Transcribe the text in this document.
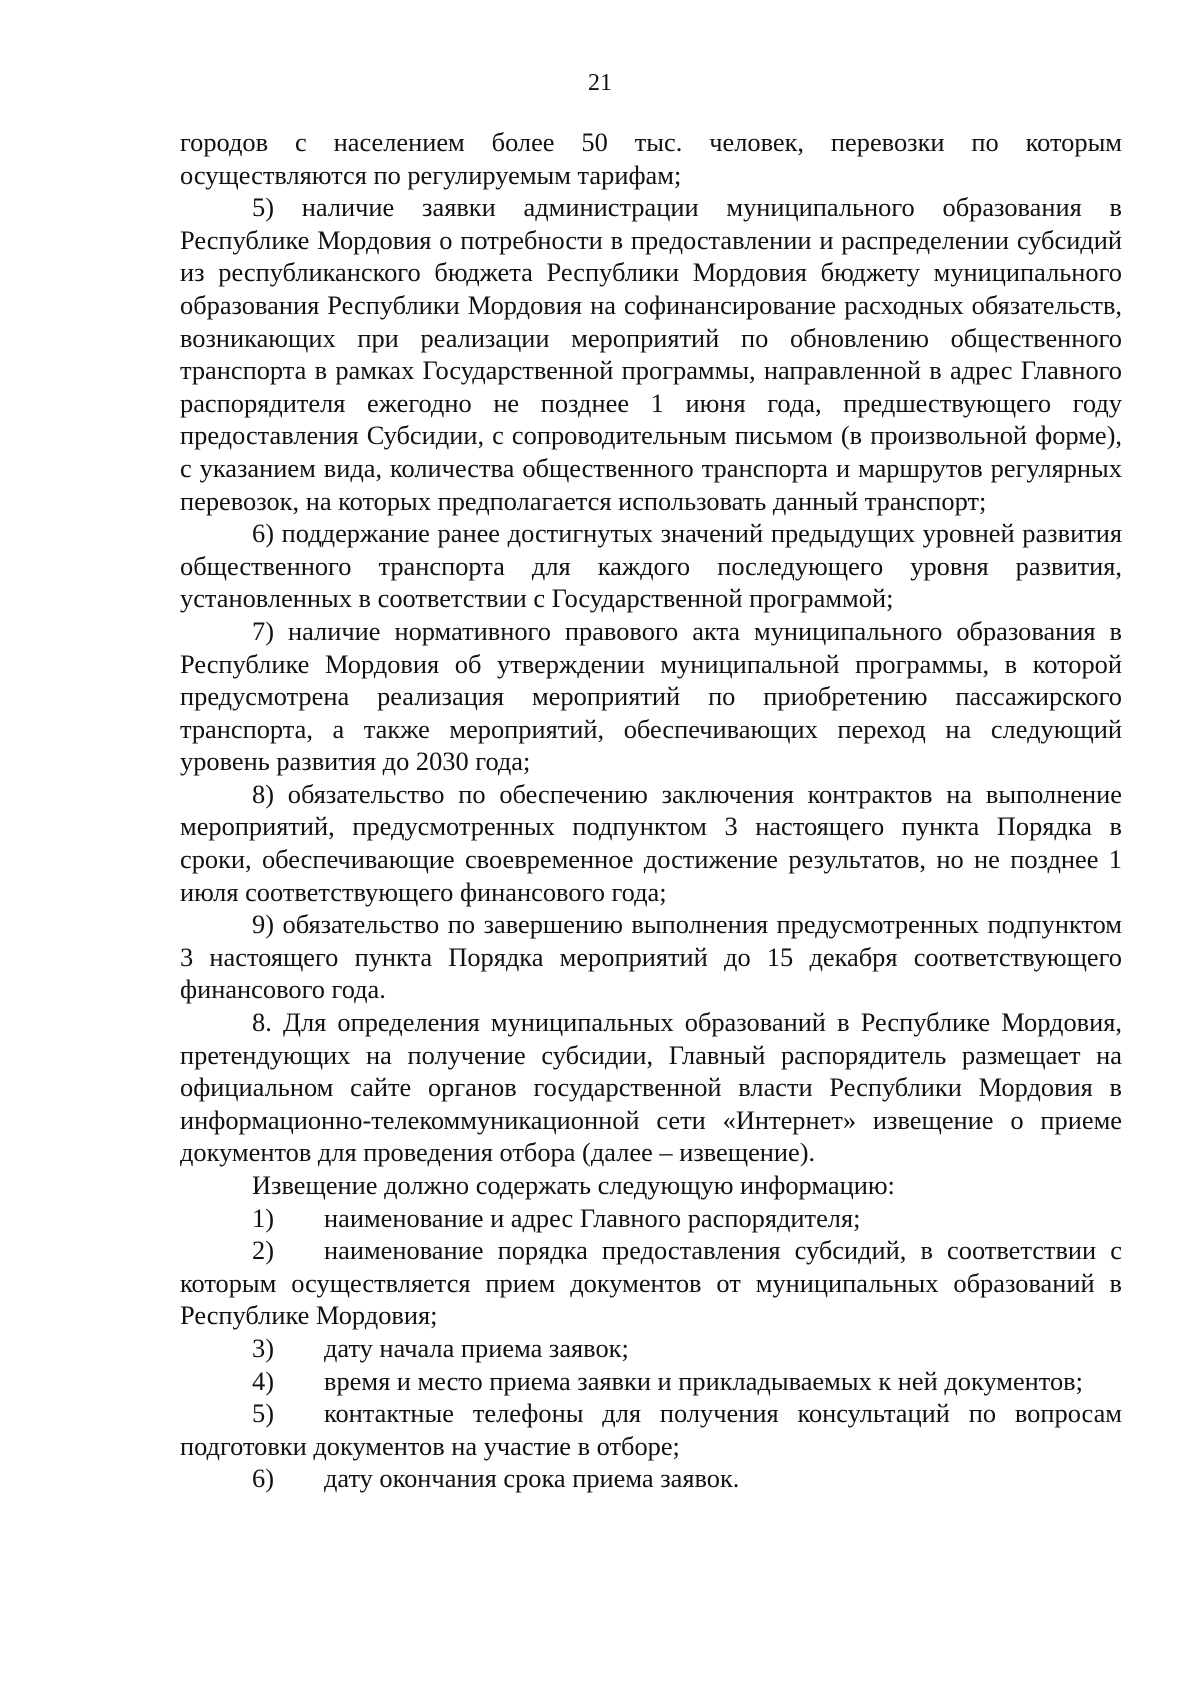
21

городов с населением более 50 тыс. человек, перевозки по которым осуществляются по регулируемым тарифам;

5) наличие заявки администрации муниципального образования в Республике Мордовия о потребности в предоставлении и распределении субсидий из республиканского бюджета Республики Мордовия бюджету муниципального образования Республики Мордовия на софинансирование расходных обязательств, возникающих при реализации мероприятий по обновлению общественного транспорта в рамках Государственной программы, направленной в адрес Главного распорядителя ежегодно не позднее 1 июня года, предшествующего году предоставления Субсидии, с сопроводительным письмом (в произвольной форме), с указанием вида, количества общественного транспорта и маршрутов регулярных перевозок, на которых предполагается использовать данный транспорт;

6) поддержание ранее достигнутых значений предыдущих уровней развития общественного транспорта для каждого последующего уровня развития, установленных в соответствии с Государственной программой;

7) наличие нормативного правового акта муниципального образования в Республике Мордовия об утверждении муниципальной программы, в которой предусмотрена реализация мероприятий по приобретению пассажирского транспорта, а также мероприятий, обеспечивающих переход на следующий уровень развития до 2030 года;

8) обязательство по обеспечению заключения контрактов на выполнение мероприятий, предусмотренных подпунктом 3 настоящего пункта Порядка в сроки, обеспечивающие своевременное достижение результатов, но не позднее 1 июля соответствующего финансового года;

9) обязательство по завершению выполнения предусмотренных подпунктом 3 настоящего пункта Порядка мероприятий до 15 декабря соответствующего финансового года.

8. Для определения муниципальных образований в Республике Мордовия, претендующих на получение субсидии, Главный распорядитель размещает на официальном сайте органов государственной власти Республики Мордовия в информационно-телекоммуникационной сети «Интернет» извещение о приеме документов для проведения отбора (далее – извещение).

Извещение должно содержать следующую информацию:

1) наименование и адрес Главного распорядителя;

2) наименование порядка предоставления субсидий, в соответствии с которым осуществляется прием документов от муниципальных образований в Республике Мордовия;

3) дату начала приема заявок;

4) время и место приема заявки и прикладываемых к ней документов;

5) контактные телефоны для получения консультаций по вопросам подготовки документов на участие в отборе;

6) дату окончания срока приема заявок.
